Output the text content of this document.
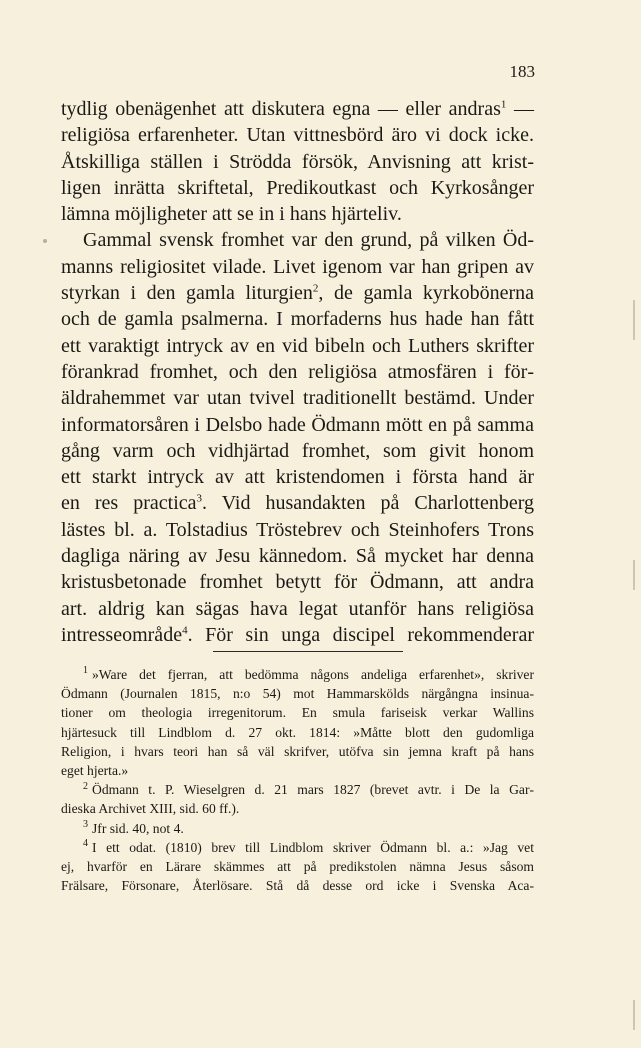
183
tydlig obenägenhet att diskutera egna — eller andras$^1$ —
religiösa erfarenheter. Utan vittnesbörd äro vi dock icke.
Åtskilliga ställen i Strödda försök, Anvisning att krist‐
ligen inrätta skriftetal, Predikoutkast och Kyrkosånger
lämna möjligheter att se in i hans hjärteliv.
Gammal svensk fromhet var den grund, på vilken Öd‐
manns religiositet vilade. Livet igenom var han gripen av
styrkan i den gamla liturgien$^2$, de gamla kyrkobönerna
och de gamla psalmerna. I morfaderns hus hade han fått
ett varaktigt intryck av en vid bibeln och Luthers skrifter
förankrad fromhet, och den religiösa atmosfären i för‐
äldrahemmet var utan tvivel traditionellt bestämd. Under
informatorsåren i Delsbo hade Ödmann mött en på samma
gång varm och vidhjärtad fromhet, som givit honom
ett starkt intryck av att kristendomen i första hand är
en res practica$^3$. Vid husandakten på Charlottenberg
lästes bl. a. Tolstadius Tröstebrev och Steinhofers Trons
dagliga näring av Jesu kännedom. Så mycket har denna
kristusbetonade fromhet betytt för Ödmann, att andra
art. aldrig kan sägas hava legat utanför hans religiösa
intresseområde$^4$. För sin unga discipel rekommenderar
$^1$ »Ware det fjerran, att bedömma någons andeliga erfarenhet», skriver
Ödmann (Journalen 1815, n:o 54) mot Hammarskölds närgångna insinua‐
tioner om theologia irregenitorum. En smula fariseisk verkar Wallins
hjärtesuck till Lindblom d. 27 okt. 1814: »Måtte blott den gudomliga
Religion, i hvars teori han så väl skrifver, utöfva sin jemna kraft på hans
eget hjerta.»
$^2$ Ödmann t. P. Wieselgren d. 21 mars 1827 (brevet avtr. i De la Gar‐
dieska Archivet XIII, sid. 60 ff.).
$^3$ Jfr sid. 40, not 4.
$^4$ I ett odat. (1810) brev till Lindblom skriver Ödmann bl. a.: »Jag vet
ej, hvarför en Lärare skämmes att på predikstolen nämna Jesus såsom
Frälsare, Försonare, Återlösare. Stå då desse ord icke i Svenska Aca‐
